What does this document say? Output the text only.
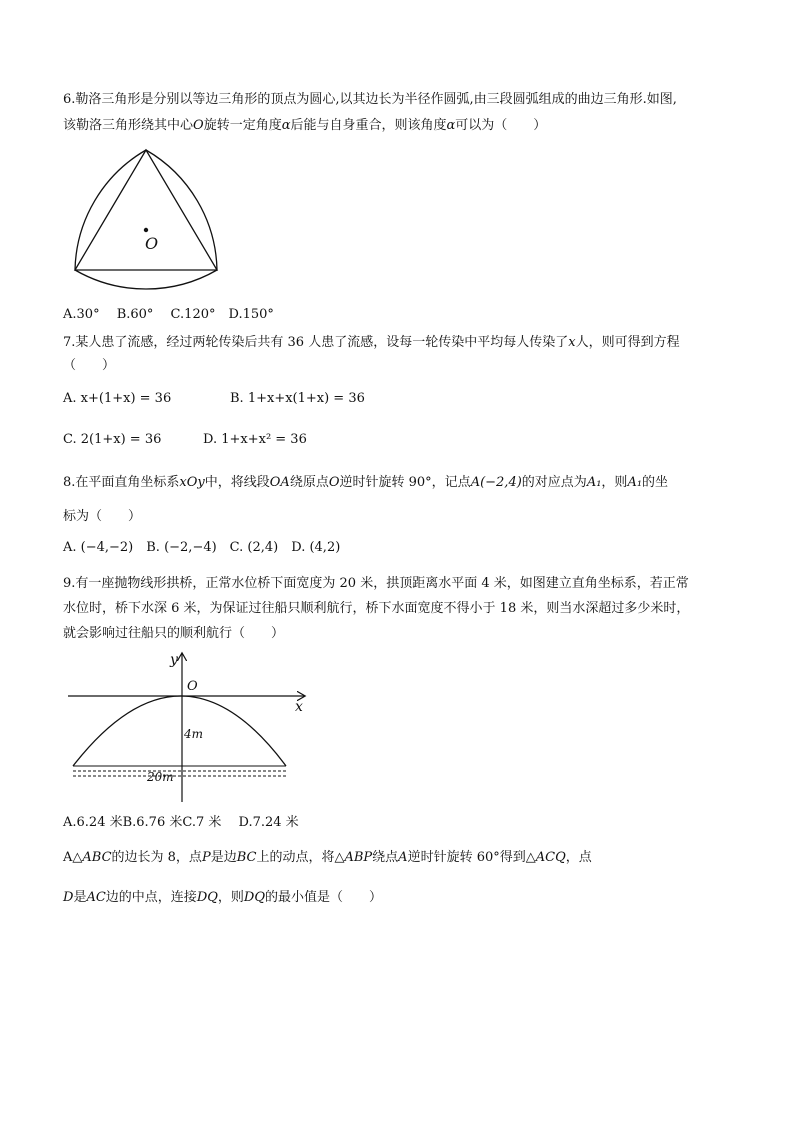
6.勒洛三角形是分别以等边三角形的顶点为圆心,以其边长为半径作圆弧,由三段圆弧组成的曲边三角形.如图,
该勒洛三角形绕其中心O旋转一定角度α后能与自身重合，则该角度α可以为（　　）
O
A.30°　 B.60°　 C.120°　D.150°
7.某人患了流感，经过两轮传染后共有 36 人患了流感，设每一轮传染中平均每人传染了x人，则可得到方程
（　　）
A. x+(1+x) = 36	B. 1+x+x(1+x) = 36
C. 2(1+x) = 36	D. 1+x+x² = 36
8.在平面直角坐标系xOy中，将线段OA绕原点O逆时针旋转 90°，记点A(−2,4)的对应点为A₁，则A₁的坐
标为（　　）
A. (−4,−2)　B. (−2,−4)　C. (2,4)　D. (4,2)
9.有一座抛物线形拱桥，正常水位桥下面宽度为 20 米，拱顶距离水平面 4 米，如图建立直角坐标系，若正常
水位时，桥下水深 6 米，为保证过往船只顺利航行，桥下水面宽度不得小于 18 米，则当水深超过多少米时，
就会影响过往船只的顺利航行（　　）
y
O
x
4m
20m
A.6.24 米B.6.76 米C.7 米　 D.7.24 米
A△ABC的边长为 8，点P是边BC上的动点，将△ABP绕点A逆时针旋转 60°得到△ACQ，点
D是AC边的中点，连接DQ，则DQ的最小值是（　　）
